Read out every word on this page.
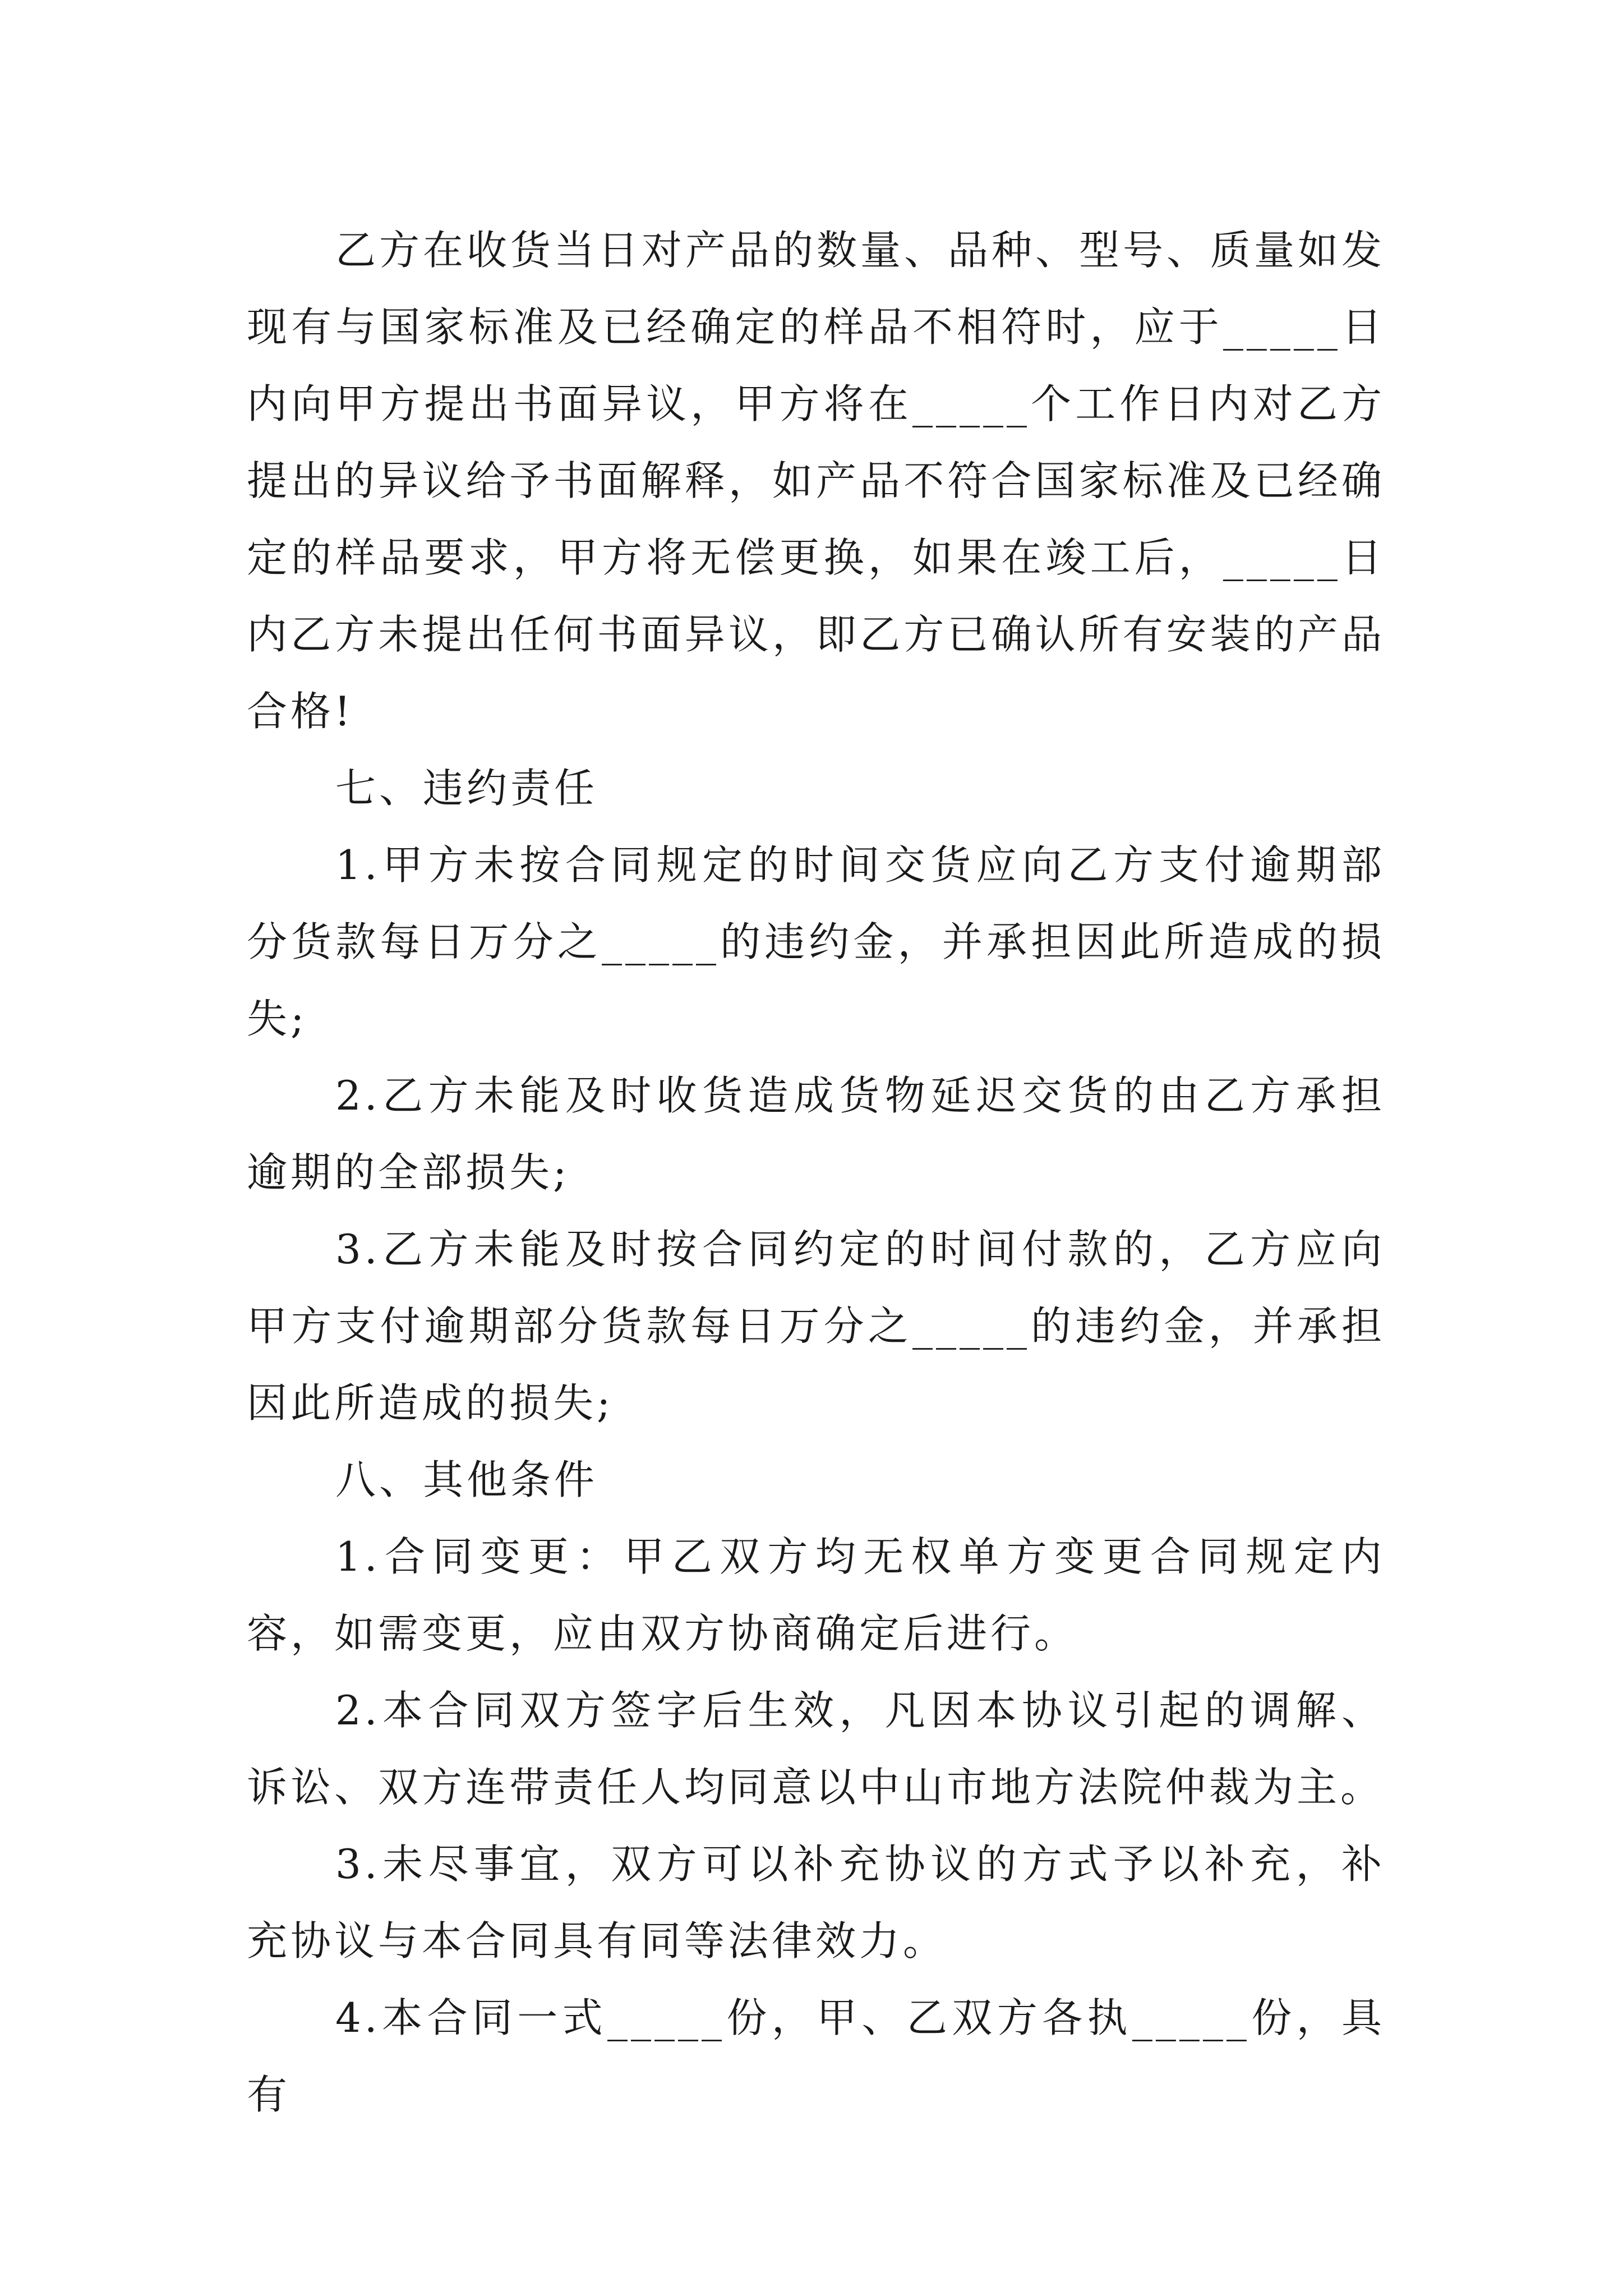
乙方在收货当日对产品的数量、品种、型号、质量如发现有与国家标准及已经确定的样品不相符时，应于_____日内向甲方提出书面异议，甲方将在_____个工作日内对乙方提出的异议给予书面解释，如产品不符合国家标准及已经确定的样品要求，甲方将无偿更换，如果在竣工后，_____日内乙方未提出任何书面异议，即乙方已确认所有安装的产品合格!

七、违约责任

1.甲方未按合同规定的时间交货应向乙方支付逾期部分货款每日万分之_____的违约金，并承担因此所造成的损失;

2.乙方未能及时收货造成货物延迟交货的由乙方承担逾期的全部损失;

3.乙方未能及时按合同约定的时间付款的，乙方应向甲方支付逾期部分货款每日万分之_____的违约金，并承担因此所造成的损失;

八、其他条件

1.合同变更：甲乙双方均无权单方变更合同规定内容，如需变更，应由双方协商确定后进行。

2.本合同双方签字后生效，凡因本协议引起的调解、诉讼、双方连带责任人均同意以中山市地方法院仲裁为主。

3.未尽事宜，双方可以补充协议的方式予以补充，补充协议与本合同具有同等法律效力。

4.本合同一式_____份，甲、乙双方各执_____份，具有
